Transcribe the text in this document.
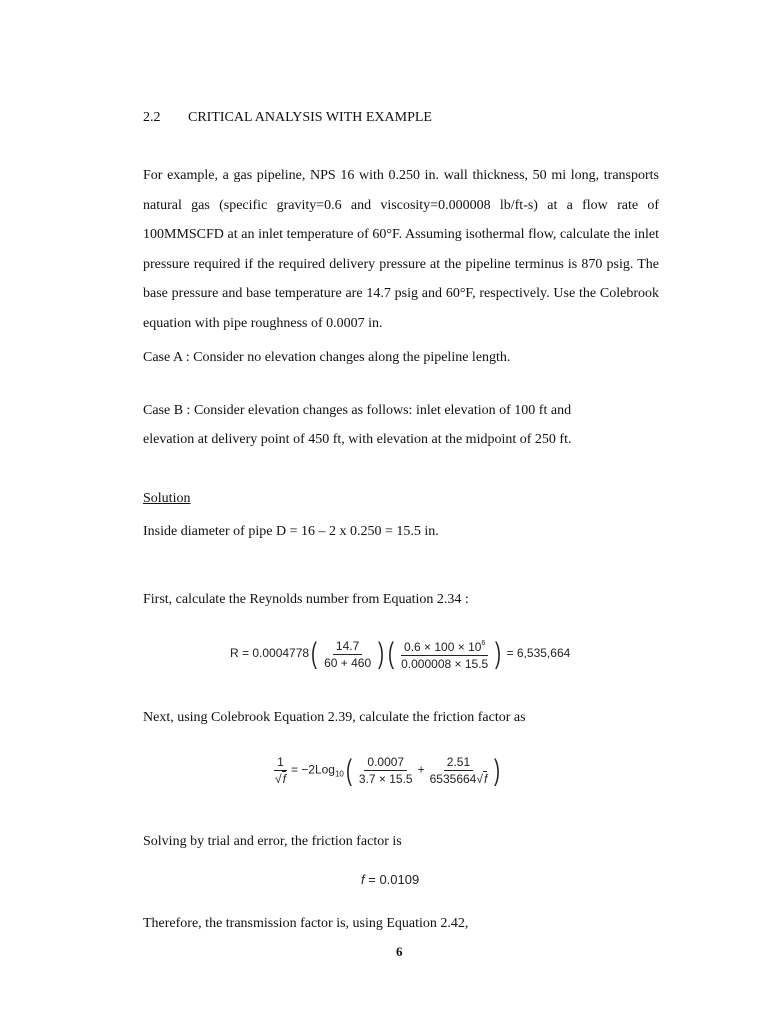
2.2 CRITICAL ANALYSIS WITH EXAMPLE
For example, a gas pipeline, NPS 16 with 0.250 in. wall thickness, 50 mi long, transports natural gas (specific gravity=0.6 and viscosity=0.000008 lb/ft-s) at a flow rate of 100MMSCFD at an inlet temperature of 60°F. Assuming isothermal flow, calculate the inlet pressure required if the required delivery pressure at the pipeline terminus is 870 psig. The base pressure and base temperature are 14.7 psig and 60°F, respectively. Use the Colebrook equation with pipe roughness of 0.0007 in.
Case A : Consider no elevation changes along the pipeline length.
Case B : Consider elevation changes as follows: inlet elevation of 100 ft and
elevation at delivery point of 450 ft, with elevation at the midpoint of 250 ft.
Solution
Inside diameter of pipe D = 16 – 2 x 0.250 = 15.5 in.
First, calculate the Reynolds number from Equation 2.34 :
$R = 0.0004778( \frac{14.7}{60 + 460}$ ) ( $\frac{0.6 \times 100 \times 10^6}{0.000008 \times 15.5}$ ) = 6,535,664
Next, using Colebrook Equation 2.39, calculate the friction factor as
$\frac{1}{√f} = -2Log_{10}( \frac{0.0007}{3.7 \times 15.5} + \frac{2.51}{6535664√f}$ )
Solving by trial and error, the friction factor is
f = 0.0109
Therefore, the transmission factor is, using Equation 2.42,
6
